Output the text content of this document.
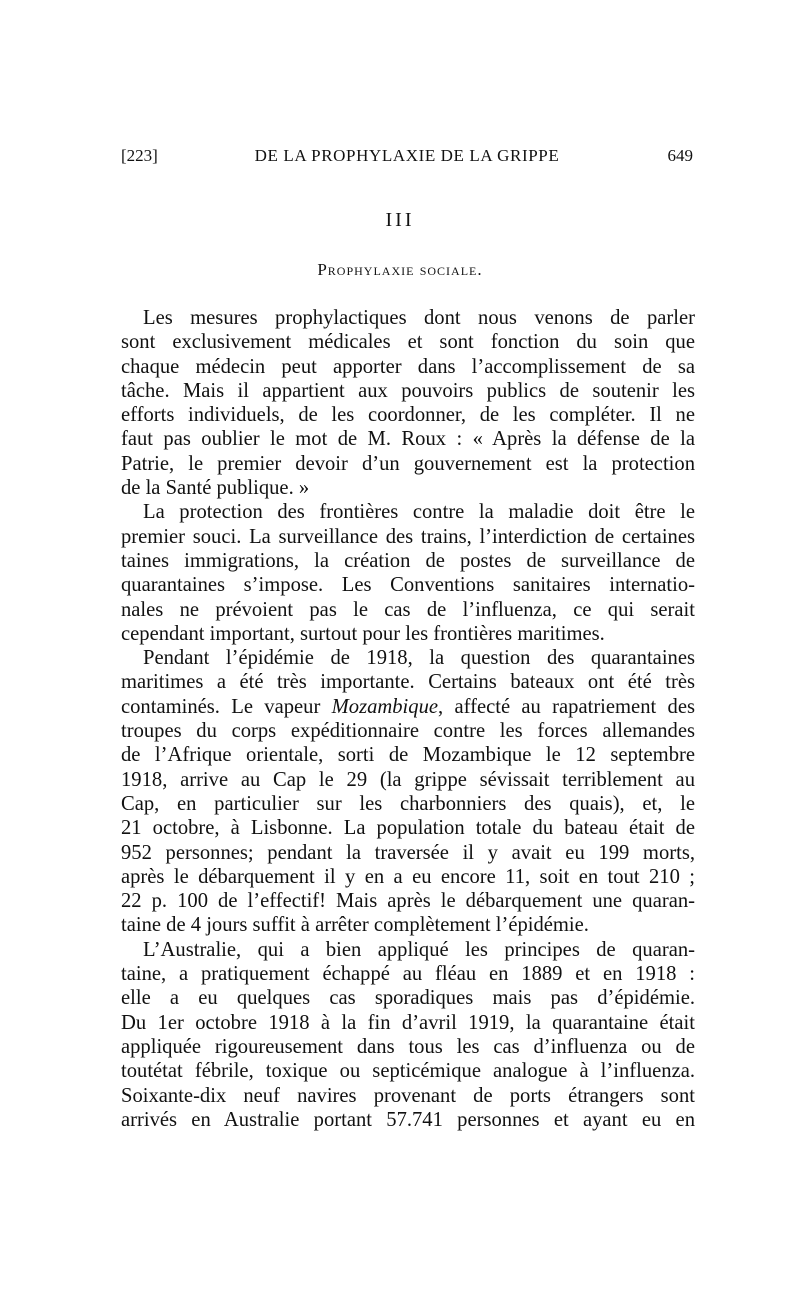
[223]	DE LA PROPHYLAXIE DE LA GRIPPE	649
III
Prophylaxie sociale.
Les mesures prophylactiques dont nous venons de parler
sont exclusivement médicales et sont fonction du soin que
chaque médecin peut apporter dans l’accomplissement de sa
tâche. Mais il appartient aux pouvoirs publics de soutenir les
efforts individuels, de les coordonner, de les compléter. Il ne
faut pas oublier le mot de M. Roux : « Après la défense de la
Patrie, le premier devoir d’un gouvernement est la protection
de la Santé publique. »
La protection des frontières contre la maladie doit être le
premier souci. La surveillance des trains, l’interdiction de certaines
taines immigrations, la création de postes de surveillance de
quarantaines s’impose. Les Conventions sanitaires internatio-
nales ne prévoient pas le cas de l’influenza, ce qui serait
cependant important, surtout pour les frontières maritimes.
Pendant l’épidémie de 1918, la question des quarantaines
maritimes a été très importante. Certains bateaux ont été très
contaminés. Le vapeur Mozambique, affecté au rapatriement des
troupes du corps expéditionnaire contre les forces allemandes
de l’Afrique orientale, sorti de Mozambique le 12 septembre
1918, arrive au Cap le 29 (la grippe sévissait terriblement au
Cap, en particulier sur les charbonniers des quais), et, le
21 octobre, à Lisbonne. La population totale du bateau était de
952 personnes; pendant la traversée il y avait eu 199 morts,
après le débarquement il y en a eu encore 11, soit en tout 210 ;
22 p. 100 de l’effectif! Mais après le débarquement une quaran-
taine de 4 jours suffit à arrêter complètement l’épidémie.
L’Australie, qui a bien appliqué les principes de quaran-
taine, a pratiquement échappé au fléau en 1889 et en 1918 :
elle a eu quelques cas sporadiques mais pas d’épidémie.
Du 1er octobre 1918 à la fin d’avril 1919, la quarantaine était
appliquée rigoureusement dans tous les cas d’influenza ou de
toutétat fébrile, toxique ou septicémique analogue à l’influenza.
Soixante-dix neuf navires provenant de ports étrangers sont
arrivés en Australie portant 57.741 personnes et ayant eu en
